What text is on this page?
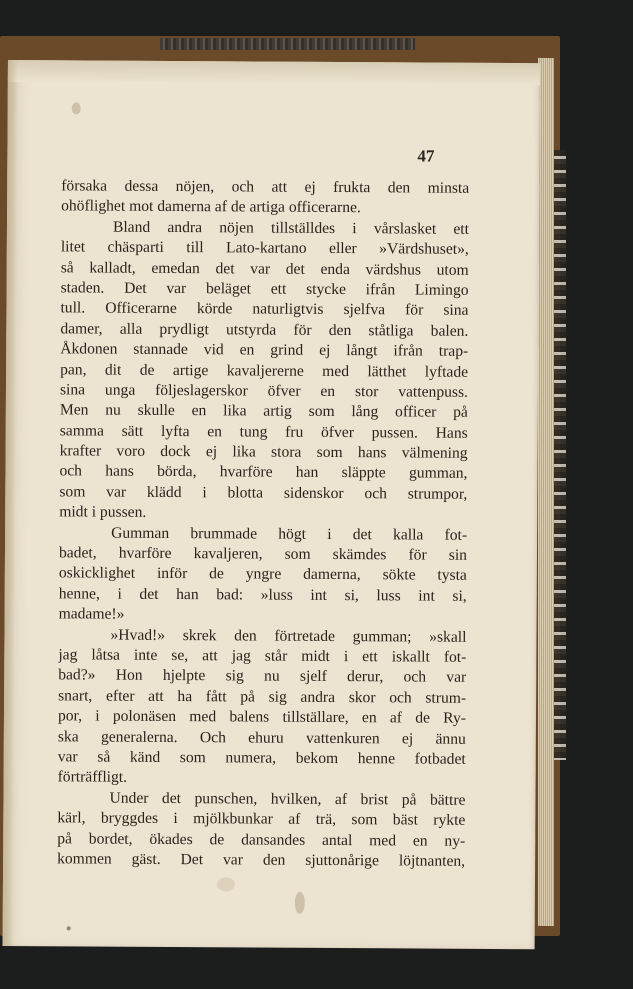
47
försaka dessa nöjen, och att ej frukta den minsta
ohöflighet mot damerna af de artiga officerarne.
Bland andra nöjen tillställdes i vårslasket ett
litet chäsparti till Lato-kartano eller »Värdshuset»,
så kalladt, emedan det var det enda värdshus utom
staden. Det var beläget ett stycke ifrån Limingo
tull. Officerarne körde naturligtvis sjelfva för sina
damer, alla prydligt utstyrda för den ståtliga balen.
Åkdonen stannade vid en grind ej långt ifrån trap-
pan, dit de artige kavaljererne med lätthet lyftade
sina unga följeslagerskor öfver en stor vattenpuss.
Men nu skulle en lika artig som lång officer på
samma sätt lyfta en tung fru öfver pussen. Hans
krafter voro dock ej lika stora som hans välmening
och hans börda, hvarföre han släppte gumman,
som var klädd i blotta sidenskor och strumpor,
midt i pussen.
Gumman brummade högt i det kalla fot-
badet, hvarföre kavaljeren, som skämdes för sin
oskicklighet inför de yngre damerna, sökte tysta
henne, i det han bad: »luss int si, luss int si,
madame!»
»Hvad!» skrek den förtretade gumman; »skall
jag låtsa inte se, att jag står midt i ett iskallt fot-
bad?» Hon hjelpte sig nu sjelf derur, och var
snart, efter att ha fått på sig andra skor och strum-
por, i polonäsen med balens tillställare, en af de Ry-
ska generalerna. Och ehuru vattenkuren ej ännu
var så känd som numera, bekom henne fotbadet
förträffligt.
Under det punschen, hvilken, af brist på bättre
kärl, bryggdes i mjölkbunkar af trä, som bäst rykte
på bordet, ökades de dansandes antal med en ny-
kommen gäst. Det var den sjuttonårige löjtnanten,
